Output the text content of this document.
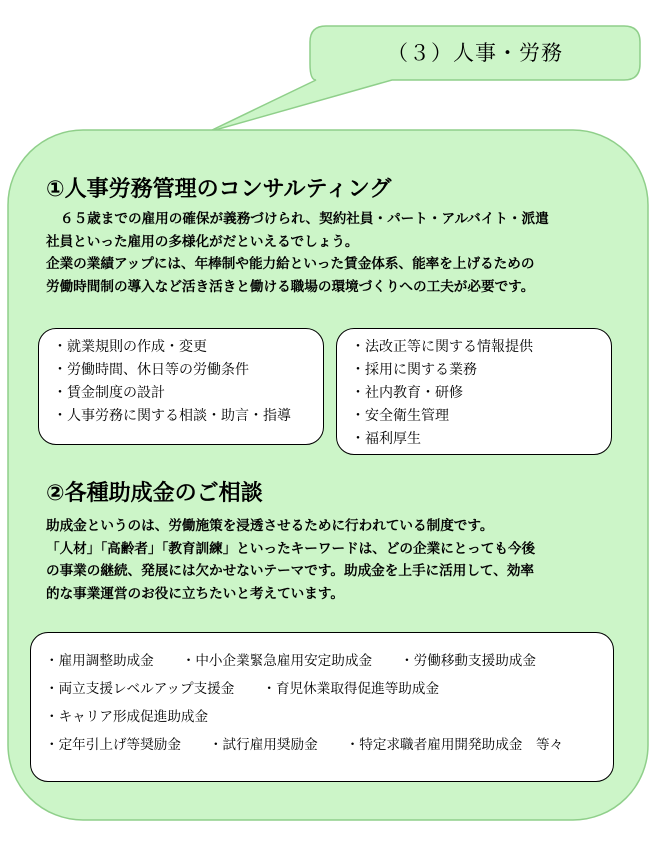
（３）人事・労務
①人事労務管理のコンサルティング
６５歳までの雇用の確保が義務づけられ、契約社員・パート・アルバイト・派遣
社員といった雇用の多様化がだといえるでしょう。
企業の業績アップには、年棒制や能力給といった賃金体系、能率を上げるための
労働時間制の導入など活き活きと働ける職場の環境づくりへの工夫が必要です。
・就業規則の作成・変更
・労働時間、休日等の労働条件
・賃金制度の設計
・人事労務に関する相談・助言・指導
・法改正等に関する情報提供
・採用に関する業務
・社内教育・研修
・安全衛生管理
・福利厚生
②各種助成金のご相談
助成金というのは、労働施策を浸透させるために行われている制度です。
「人材」「高齢者」「教育訓練」といったキーワードは、どの企業にとっても今後
の事業の継続、発展には欠かせないテーマです。助成金を上手に活用して、効率
的な事業運営のお役に立ちたいと考えています。
・雇用調整助成金 ・中小企業緊急雇用安定助成金 ・労働移動支援助成金
・両立支援レベルアップ支援金 ・育児休業取得促進等助成金
・キャリア形成促進助成金
・定年引上げ等奨励金 ・試行雇用奨励金 ・特定求職者雇用開発助成金　等々
